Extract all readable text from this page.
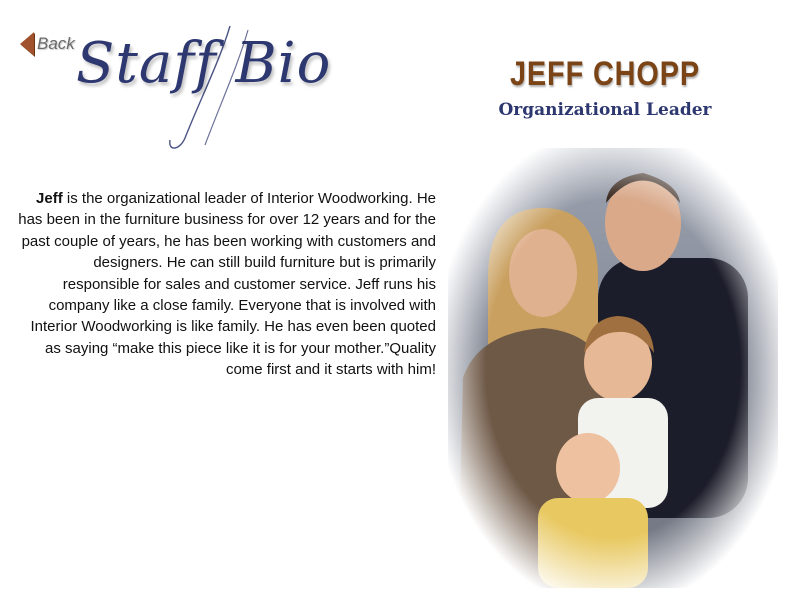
Back Staff Bio	JEFF CHOPP
Organizational Leader
Jeff is the organizational leader of Interior Woodworking. He has been in the furniture business for over 12 years and for the past couple of years, he has been working with customers and designers. He can still build furniture but is primarily responsible for sales and customer service. Jeff runs his company like a close family. Everyone that is involved with Interior Woodworking is like family. He has even been quoted as saying “make this piece like it is for your mother.”Quality come first and it starts with him!
